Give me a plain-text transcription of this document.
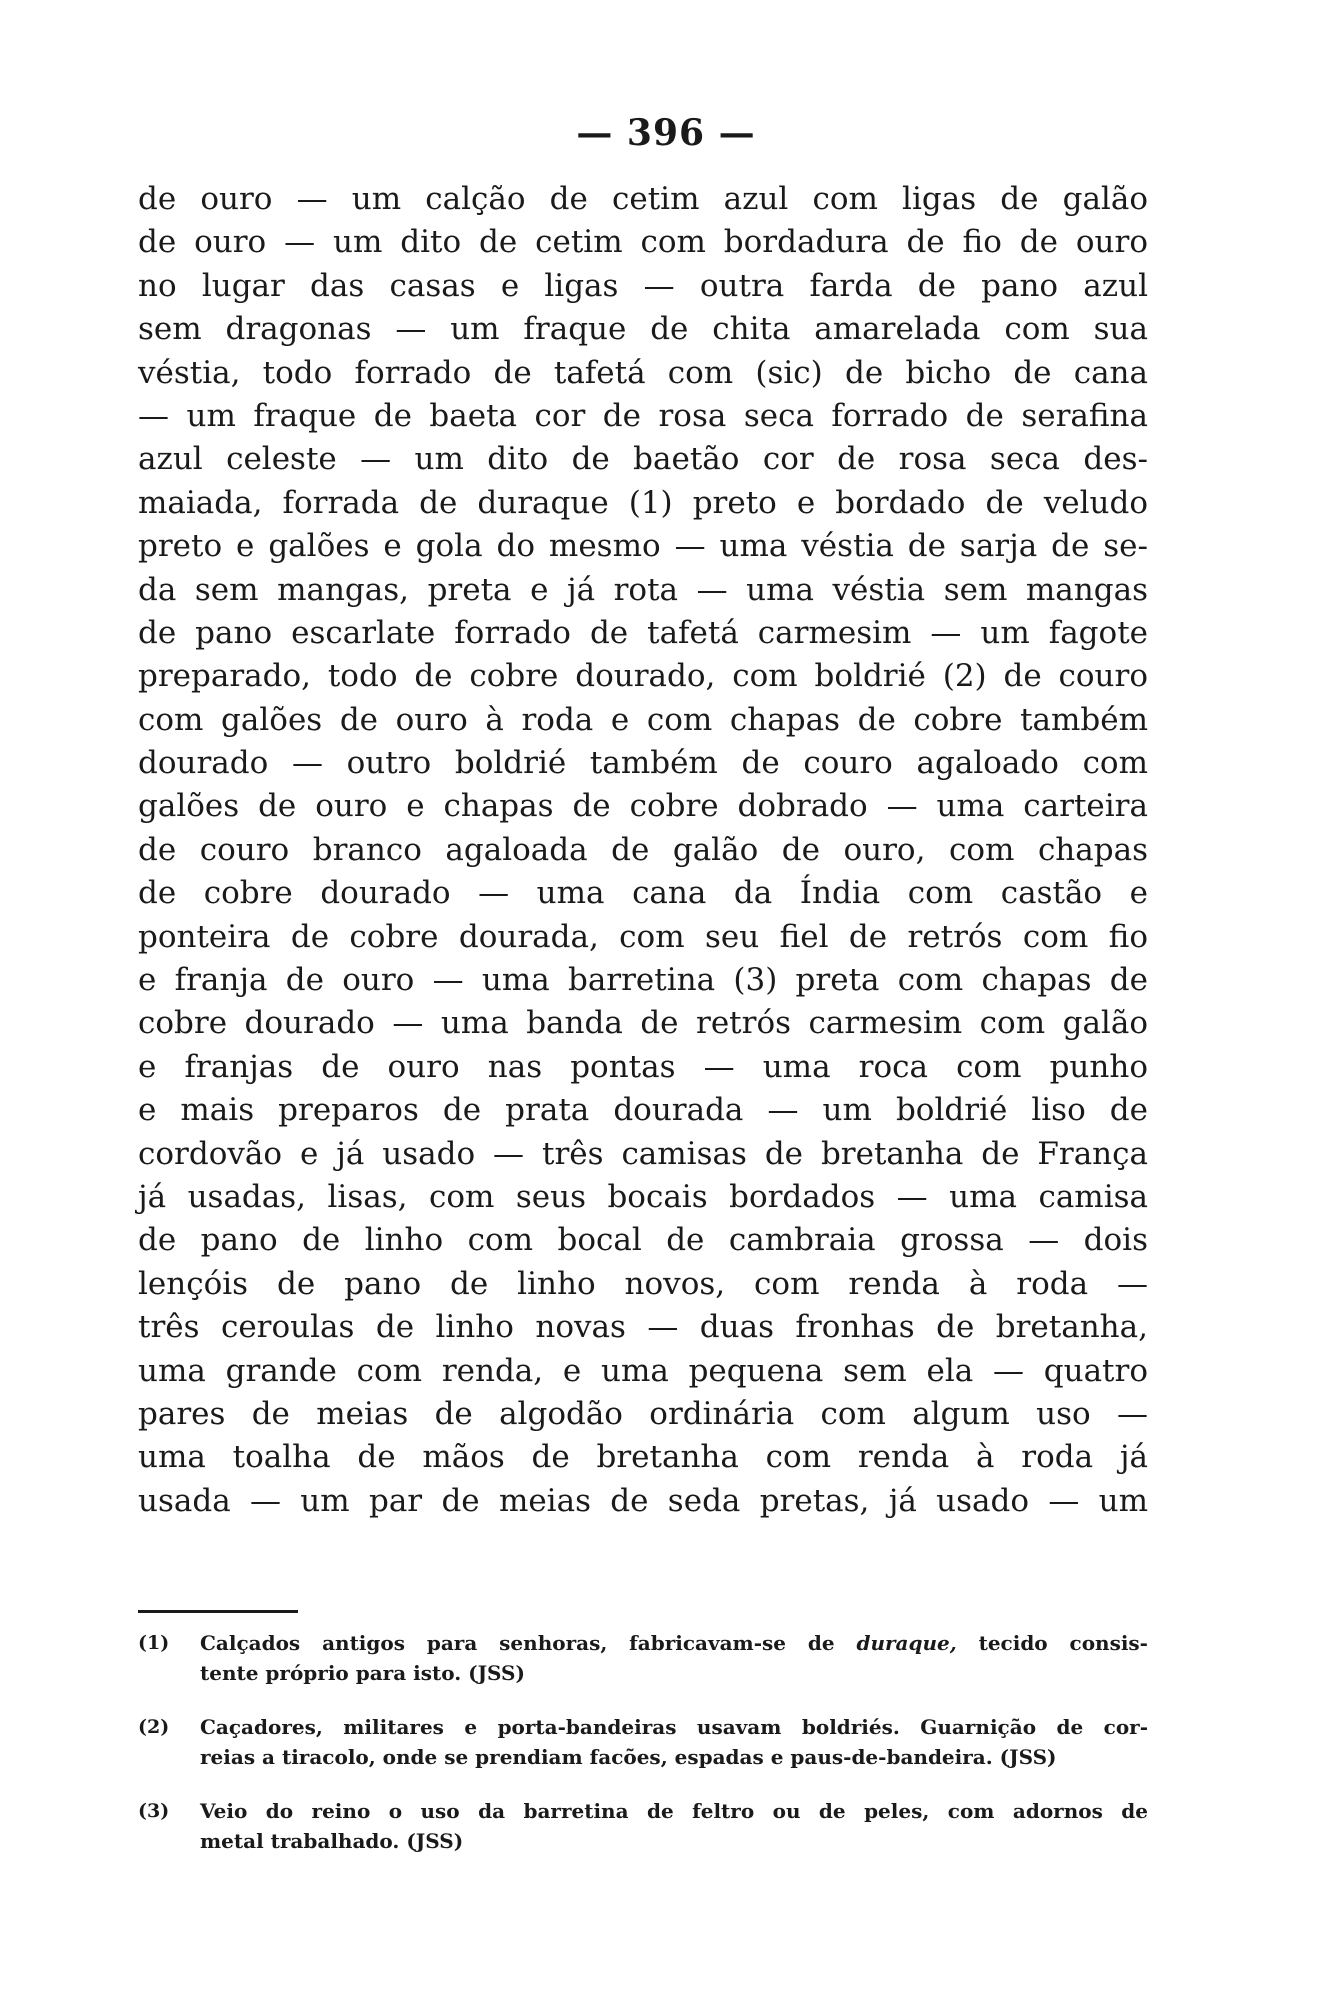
— 396 —
de ouro — um calção de cetim azul com ligas de galão
de ouro — um dito de cetim com bordadura de fio de ouro
no lugar das casas e ligas — outra farda de pano azul
sem dragonas — um fraque de chita amarelada com sua
véstia, todo forrado de tafetá com (sic) de bicho de cana
— um fraque de baeta cor de rosa seca forrado de serafina
azul celeste — um dito de baetão cor de rosa seca des-
maiada, forrada de duraque (1) preto e bordado de veludo
preto e galões e gola do mesmo — uma véstia de sarja de se-
da sem mangas, preta e já rota — uma véstia sem mangas
de pano escarlate forrado de tafetá carmesim — um fagote
preparado, todo de cobre dourado, com boldrié (2) de couro
com galões de ouro à roda e com chapas de cobre também
dourado — outro boldrié também de couro agaloado com
galões de ouro e chapas de cobre dobrado — uma carteira
de couro branco agaloada de galão de ouro, com chapas
de cobre dourado — uma cana da Índia com castão e
ponteira de cobre dourada, com seu fiel de retrós com fio
e franja de ouro — uma barretina (3) preta com chapas de
cobre dourado — uma banda de retrós carmesim com galão
e franjas de ouro nas pontas — uma roca com punho
e mais preparos de prata dourada — um boldrié liso de
cordovão e já usado — três camisas de bretanha de França
já usadas, lisas, com seus bocais bordados — uma camisa
de pano de linho com bocal de cambraia grossa — dois
lençóis de pano de linho novos, com renda à roda —
três ceroulas de linho novas — duas fronhas de bretanha,
uma grande com renda, e uma pequena sem ela — quatro
pares de meias de algodão ordinária com algum uso —
uma toalha de mãos de bretanha com renda à roda já
usada — um par de meias de seda pretas, já usado — um
(1) Calçados antigos para senhoras, fabricavam-se de duraque, tecido consis-
tente próprio para isto. (JSS)
(2) Caçadores, militares e porta-bandeiras usavam boldriés. Guarnição de cor-
reias a tiracolo, onde se prendiam facões, espadas e paus-de-bandeira. (JSS)
(3) Veio do reino o uso da barretina de feltro ou de peles, com adornos de
metal trabalhado. (JSS)
